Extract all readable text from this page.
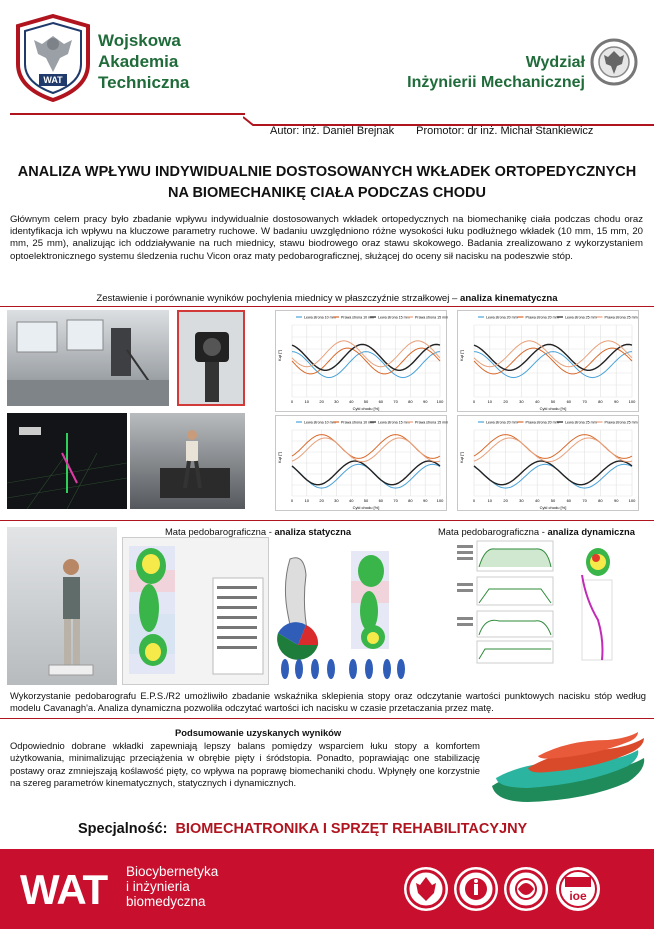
WAT
Wojskowa
Akademia
Techniczna
Wydział
Inżynierii Mechanicznej
Autor: inż. Daniel Brejnak Promotor: dr inż. Michał Stankiewicz
ANALIZA WPŁYWU INDYWIDUALNIE DOSTOSOWANYCH WKŁADEK ORTOPEDYCZNYCH
NA BIOMECHANIKĘ CIAŁA PODCZAS CHODU
Głównym celem pracy było zbadanie wpływu indywidualnie dostosowanych wkładek ortopedycznych na biomechanikę ciała podczas chodu oraz identyfikacja ich wpływu na kluczowe parametry ruchowe. W badaniu uwzględniono różne wysokości łuku podłużnego wkładek (10 mm, 15 mm, 20 mm, 25 mm), analizując ich oddziaływanie na ruch miednicy, stawu biodrowego oraz stawu skokowego. Badania zrealizowano z wykorzystaniem optoelektronicznego systemu śledzenia ruchu Vicon oraz maty pedobarograficznej, służącej do oceny sił nacisku na podeszwie stóp.
Zestawienie i porównanie wyników pochylenia miednicy w płaszczyźnie strzałkowej – analiza kinematyczna
0	10	20	30	40	50	60	70	80	90 100
Lewa strona 10 mm Prawa strona 10 mm Lewa strona 15 mm Prawa strona 15 mm
Cykl chodu [%]
Kąt [°]
0	10	20	30	40	50	60	70	80	90	100
Lewa strona 20 mm Prawa strona 20 mm Lewa strona 25 mm Prawa strona 25 mm
Cykl chodu [%]
Kąt [°]
0	10	20	30	40	50	60	70	80	90 100
Lewa strona 10 mm Prawa strona 10 mm Lewa strona 15 mm Prawa strona 15 mm
Cykl chodu [%]
Kąt [°]
0	10	20	30	40	50	60	70	80	90	100
Lewa strona 20 mm Prawa strona 20 mm Lewa strona 25 mm Prawa strona 25 mm
Cykl chodu [%]
Kąt [°]
Mata pedobarograficzna - analiza statyczna	Mata pedobarograficzna - analiza dynamiczna
Wykorzystanie pedobarografu E.P.S./R2 umożliwiło zbadanie wskaźnika sklepienia stopy oraz odczytanie wartości punktowych nacisku stóp według modelu Cavanagh'a. Analiza dynamiczna pozwoliła odczytać wartości ich nacisku w czasie przetaczania przez matę.
Podsumowanie uzyskanych wyników
Odpowiednio dobrane wkładki zapewniają lepszy balans pomiędzy wsparciem łuku stopy a komfortem użytkowania, minimalizując przeciążenia w obrębie pięty i śródstopia. Ponadto, poprawiając one stabilizację postawy oraz zmniejszają koślawość pięty, co wpływa na poprawę biomechaniki chodu. Wpłynęły one korzystnie na szereg parametrów kinematycznych, statycznych i dynamicznych.
Specjalność: BIOMECHATRONIKA I SPRZĘT REHABILITACYJNY
WAT Biocybernetyka
i inżynieria
biomedyczna	ioe
